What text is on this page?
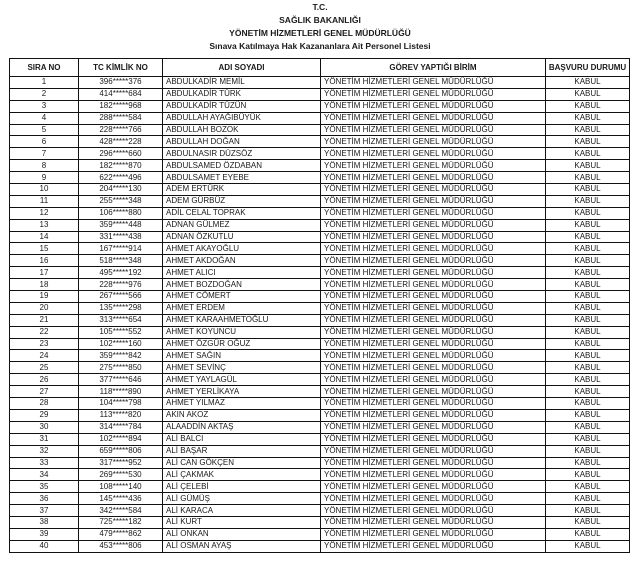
T.C.
SAĞLIK BAKANLIĞI
YÖNETİM HİZMETLERİ GENEL MÜDÜRLÜĞÜ
Sınava Katılmaya Hak Kazananlara Ait Personel Listesi
SIRA NO	TC KİMLİK NO	ADI SOYADI	GÖREV YAPTIĞI BİRİM	BAŞVURU DURUMU
1	396*****376	ABDULKADİR MEMİL	YÖNETİM HİZMETLERİ GENEL MÜDÜRLÜĞÜ	KABUL
2	414*****684	ABDULKADİR TÜRK	YÖNETİM HİZMETLERİ GENEL MÜDÜRLÜĞÜ	KABUL
3	182*****968	ABDULKADİR TÜZÜN	YÖNETİM HİZMETLERİ GENEL MÜDÜRLÜĞÜ	KABUL
4	288*****584	ABDULLAH AYAĞIBÜYÜK	YÖNETİM HİZMETLERİ GENEL MÜDÜRLÜĞÜ	KABUL
5	228*****766	ABDULLAH BOZOK	YÖNETİM HİZMETLERİ GENEL MÜDÜRLÜĞÜ	KABUL
6	428*****228	ABDULLAH DOĞAN	YÖNETİM HİZMETLERİ GENEL MÜDÜRLÜĞÜ	KABUL
7	296*****660	ABDULNASIR DÜZSÖZ	YÖNETİM HİZMETLERİ GENEL MÜDÜRLÜĞÜ	KABUL
8	182*****870	ABDULSAMED ÖZDABAN	YÖNETİM HİZMETLERİ GENEL MÜDÜRLÜĞÜ	KABUL
9	622*****496	ABDULSAMET EYEBE	YÖNETİM HİZMETLERİ GENEL MÜDÜRLÜĞÜ	KABUL
10	204*****130	ADEM ERTÜRK	YÖNETİM HİZMETLERİ GENEL MÜDÜRLÜĞÜ	KABUL
11	255*****348	ADEM GÜRBÜZ	YÖNETİM HİZMETLERİ GENEL MÜDÜRLÜĞÜ	KABUL
12	106*****880	ADİL CELAL TOPRAK	YÖNETİM HİZMETLERİ GENEL MÜDÜRLÜĞÜ	KABUL
13	359*****448	ADNAN GÜLMEZ	YÖNETİM HİZMETLERİ GENEL MÜDÜRLÜĞÜ	KABUL
14	331*****438	ADNAN ÖZKUTLU	YÖNETİM HİZMETLERİ GENEL MÜDÜRLÜĞÜ	KABUL
15	167*****914	AHMET AKAYOĞLU	YÖNETİM HİZMETLERİ GENEL MÜDÜRLÜĞÜ	KABUL
16	518*****348	AHMET AKDOĞAN	YÖNETİM HİZMETLERİ GENEL MÜDÜRLÜĞÜ	KABUL
17	495*****192	AHMET ALICI	YÖNETİM HİZMETLERİ GENEL MÜDÜRLÜĞÜ	KABUL
18	228*****976	AHMET BOZDOĞAN	YÖNETİM HİZMETLERİ GENEL MÜDÜRLÜĞÜ	KABUL
19	267*****566	AHMET CÖMERT	YÖNETİM HİZMETLERİ GENEL MÜDÜRLÜĞÜ	KABUL
20	135*****298	AHMET ERDEM	YÖNETİM HİZMETLERİ GENEL MÜDÜRLÜĞÜ	KABUL
21	313*****654	AHMET KARAAHMETOĞLU	YÖNETİM HİZMETLERİ GENEL MÜDÜRLÜĞÜ	KABUL
22	105*****552	AHMET KOYUNCU	YÖNETİM HİZMETLERİ GENEL MÜDÜRLÜĞÜ	KABUL
23	102*****160	AHMET ÖZGÜR OĞUZ	YÖNETİM HİZMETLERİ GENEL MÜDÜRLÜĞÜ	KABUL
24	359*****842	AHMET SAĞIN	YÖNETİM HİZMETLERİ GENEL MÜDÜRLÜĞÜ	KABUL
25	275*****850	AHMET SEVİNÇ	YÖNETİM HİZMETLERİ GENEL MÜDÜRLÜĞÜ	KABUL
26	377*****646	AHMET YAYLAGÜL	YÖNETİM HİZMETLERİ GENEL MÜDÜRLÜĞÜ	KABUL
27	118*****890	AHMET YERLİKAYA	YÖNETİM HİZMETLERİ GENEL MÜDÜRLÜĞÜ	KABUL
28	104*****798	AHMET YILMAZ	YÖNETİM HİZMETLERİ GENEL MÜDÜRLÜĞÜ	KABUL
29	113*****820	AKIN AKOZ	YÖNETİM HİZMETLERİ GENEL MÜDÜRLÜĞÜ	KABUL
30	314*****784	ALAADDİN AKTAŞ	YÖNETİM HİZMETLERİ GENEL MÜDÜRLÜĞÜ	KABUL
31	102*****894	ALİ BALCI	YÖNETİM HİZMETLERİ GENEL MÜDÜRLÜĞÜ	KABUL
32	659*****806	ALİ BAŞAR	YÖNETİM HİZMETLERİ GENEL MÜDÜRLÜĞÜ	KABUL
33	317*****952	ALİ CAN GÖKÇEN	YÖNETİM HİZMETLERİ GENEL MÜDÜRLÜĞÜ	KABUL
34	269*****530	ALİ ÇAKMAK	YÖNETİM HİZMETLERİ GENEL MÜDÜRLÜĞÜ	KABUL
35	108*****140	ALİ ÇELEBİ	YÖNETİM HİZMETLERİ GENEL MÜDÜRLÜĞÜ	KABUL
36	145*****436	ALİ GÜMÜŞ	YÖNETİM HİZMETLERİ GENEL MÜDÜRLÜĞÜ	KABUL
37	342*****584	ALİ KARACA	YÖNETİM HİZMETLERİ GENEL MÜDÜRLÜĞÜ	KABUL
38	725*****182	ALİ KURT	YÖNETİM HİZMETLERİ GENEL MÜDÜRLÜĞÜ	KABUL
39	479*****862	ALİ ONKAN	YÖNETİM HİZMETLERİ GENEL MÜDÜRLÜĞÜ	KABUL
40	453*****806	ALİ OSMAN AYAŞ	YÖNETİM HİZMETLERİ GENEL MÜDÜRLÜĞÜ	KABUL
